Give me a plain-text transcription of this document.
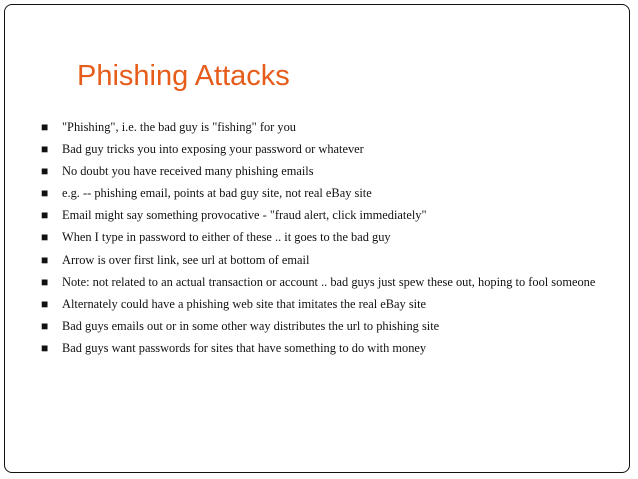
Phishing Attacks
■ "Phishing", i.e. the bad guy is "fishing" for you
■ Bad guy tricks you into exposing your password or whatever
■ No doubt you have received many phishing emails
■ e.g. -- phishing email, points at bad guy site, not real eBay site
■ Email might say something provocative - "fraud alert, click immediately"
■ When I type in password to either of these .. it goes to the bad guy
■ Arrow is over first link, see url at bottom of email
■ Note: not related to an actual transaction or account .. bad guys just spew these out, hoping to fool someone
■ Alternately could have a phishing web site that imitates the real eBay site
■ Bad guys emails out or in some other way distributes the url to phishing site
■ Bad guys want passwords for sites that have something to do with money
